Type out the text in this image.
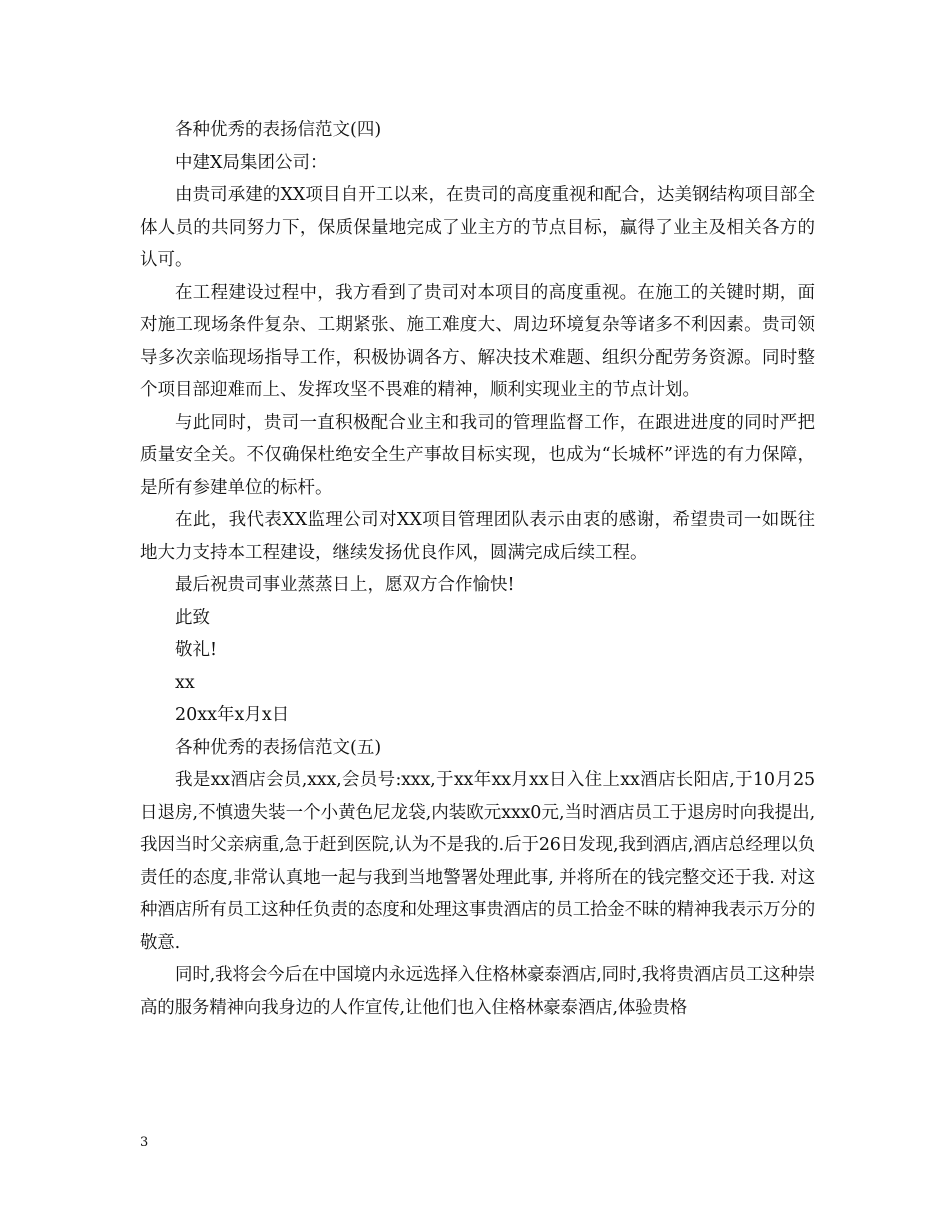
各种优秀的表扬信范文(四)
中建X局集团公司：

由贵司承建的XX项目自开工以来，在贵司的高度重视和配合，达美钢结构项目部全体人员的共同努力下，保质保量地完成了业主方的节点目标，赢得了业主及相关各方的认可。

在工程建设过程中，我方看到了贵司对本项目的高度重视。在施工的关键时期，面对施工现场条件复杂、工期紧张、施工难度大、周边环境复杂等诸多不利因素。贵司领导多次亲临现场指导工作，积极协调各方、解决技术难题、组织分配劳务资源。同时整个项目部迎难而上、发挥攻坚不畏难的精神，顺利实现业主的节点计划。

与此同时，贵司一直积极配合业主和我司的管理监督工作，在跟进进度的同时严把质量安全关。不仅确保杜绝安全生产事故目标实现，也成为“长城杯”评选的有力保障，是所有参建单位的标杆。

在此，我代表XX监理公司对XX项目管理团队表示由衷的感谢，希望贵司一如既往地大力支持本工程建设，继续发扬优良作风，圆满完成后续工程。

最后祝贵司事业蒸蒸日上，愿双方合作愉快!
此致
敬礼!
xx
20xx年x月x日
各种优秀的表扬信范文(五)

我是xx酒店会员,xxx,会员号:xxx,于xx年xx月xx日入住上xx酒店长阳店,于10月25日退房,不慎遗失装一个小黄色尼龙袋,内装欧元xxx0元,当时酒店员工于退房时向我提出,我因当时父亲病重,急于赶到医院,认为不是我的.后于26日发现,我到酒店,酒店总经理以负责任的态度,非常认真地一起与我到当地警署处理此事, 并将所在的钱完整交还于我. 对这种酒店所有员工这种任负责的态度和处理这事贵酒店的员工拾金不昧的精神我表示万分的敬意.

同时,我将会今后在中国境内永远选择入住格林豪泰酒店,同时,我将贵酒店员工这种崇高的服务精神向我身边的人作宣传,让他们也入住格林豪泰酒店,体验贵格

3
